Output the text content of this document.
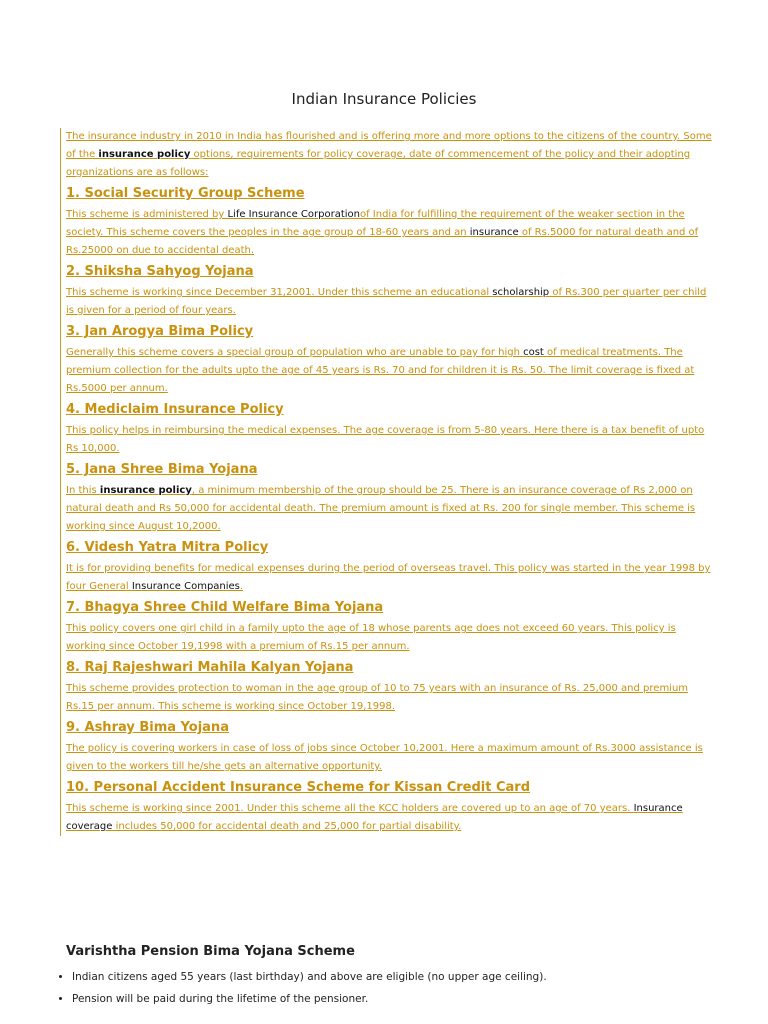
Indian Insurance Policies

The insurance industry in 2010 in India has flourished and is offering more and more options to the citizens of the country. Some of the insurance policy options, requirements for policy coverage, date of commencement of the policy and their adopting organizations are as follows:

1. Social Security Group Scheme

This scheme is administered by Life Insurance Corporationof India for fulfilling the requirement of the weaker section in the society. This scheme covers the peoples in the age group of 18-60 years and an insurance of Rs.5000 for natural death and of Rs.25000 on due to accidental death.

2. Shiksha Sahyog Yojana

This scheme is working since December 31,2001. Under this scheme an educational scholarship of Rs.300 per quarter per child is given for a period of four years.

3. Jan Arogya Bima Policy

Generally this scheme covers a special group of population who are unable to pay for high cost of medical treatments. The premium collection for the adults upto the age of 45 years is Rs. 70 and for children it is Rs. 50. The limit coverage is fixed at Rs.5000 per annum.

4. Mediclaim Insurance Policy

This policy helps in reimbursing the medical expenses. The age coverage is from 5-80 years. Here there is a tax benefit of upto Rs 10,000.

5. Jana Shree Bima Yojana

In this insurance policy, a minimum membership of the group should be 25. There is an insurance coverage of Rs 2,000 on natural death and Rs 50,000 for accidental death. The premium amount is fixed at Rs. 200 for single member. This scheme is working since August 10,2000.

6. Videsh Yatra Mitra Policy

It is for providing benefits for medical expenses during the period of overseas travel. This policy was started in the year 1998 by four General Insurance Companies.

7. Bhagya Shree Child Welfare Bima Yojana

This policy covers one girl child in a family upto the age of 18 whose parents age does not exceed 60 years. This policy is working since October 19,1998 with a premium of Rs.15 per annum.

8. Raj Rajeshwari Mahila Kalyan Yojana

This scheme provides protection to woman in the age group of 10 to 75 years with an insurance of Rs. 25,000 and premium Rs.15 per annum. This scheme is working since October 19,1998.

9. Ashray Bima Yojana

The policy is covering workers in case of loss of jobs since October 10,2001. Here a maximum amount of Rs.3000 assistance is given to the workers till he/she gets an alternative opportunity.

10. Personal Accident Insurance Scheme for Kissan Credit Card

This scheme is working since 2001. Under this scheme all the KCC holders are covered up to an age of 70 years. Insurance coverage includes 50,000 for accidental death and 25,000 for partial disability.

Varishtha Pension Bima Yojana Scheme
• Indian citizens aged 55 years (last birthday) and above are eligible (no upper age ceiling).
• Pension will be paid during the lifetime of the pensioner.
